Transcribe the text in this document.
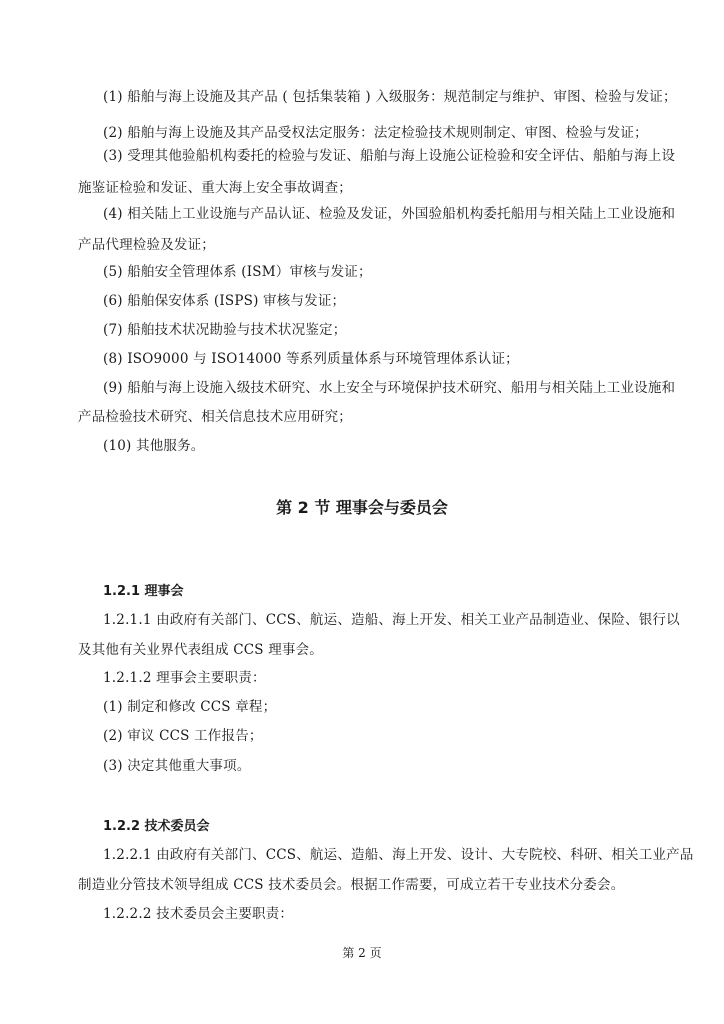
(1) 船舶与海上设施及其产品 ( 包括集装箱 ) 入级服务：规范制定与维护、审图、检验与发证；

(2) 船舶与海上设施及其产品受权法定服务：法定检验技术规则制定、审图、检验与发证；

(3) 受理其他验船机构委托的检验与发证、船舶与海上设施公证检验和安全评估、船舶与海上设

施鉴证检验和发证、重大海上安全事故调查；

(4) 相关陆上工业设施与产品认证、检验及发证，外国验船机构委托船用与相关陆上工业设施和

产品代理检验及发证；

(5) 船舶安全管理体系 (ISM）审核与发证；

(6) 船舶保安体系 (ISPS) 审核与发证；

(7) 船舶技术状况勘验与技术状况鉴定；

(8) ISO9000 与 ISO14000 等系列质量体系与环境管理体系认证；

(9) 船舶与海上设施入级技术研究、水上安全与环境保护技术研究、船用与相关陆上工业设施和

产品检验技术研究、相关信息技术应用研究；

(10) 其他服务。

第 2 节 理事会与委员会

1.2.1 理事会

1.2.1.1 由政府有关部门、CCS、航运、造船、海上开发、相关工业产品制造业、保险、银行以

及其他有关业界代表组成 CCS 理事会。

1.2.1.2 理事会主要职责：

(1) 制定和修改 CCS 章程；

(2) 审议 CCS 工作报告；

(3) 决定其他重大事项。

1.2.2 技术委员会

1.2.2.1 由政府有关部门、CCS、航运、造船、海上开发、设计、大专院校、科研、相关工业产品

制造业分管技术领导组成 CCS 技术委员会。根据工作需要，可成立若干专业技术分委会。

1.2.2.2 技术委员会主要职责：

第 2 页
